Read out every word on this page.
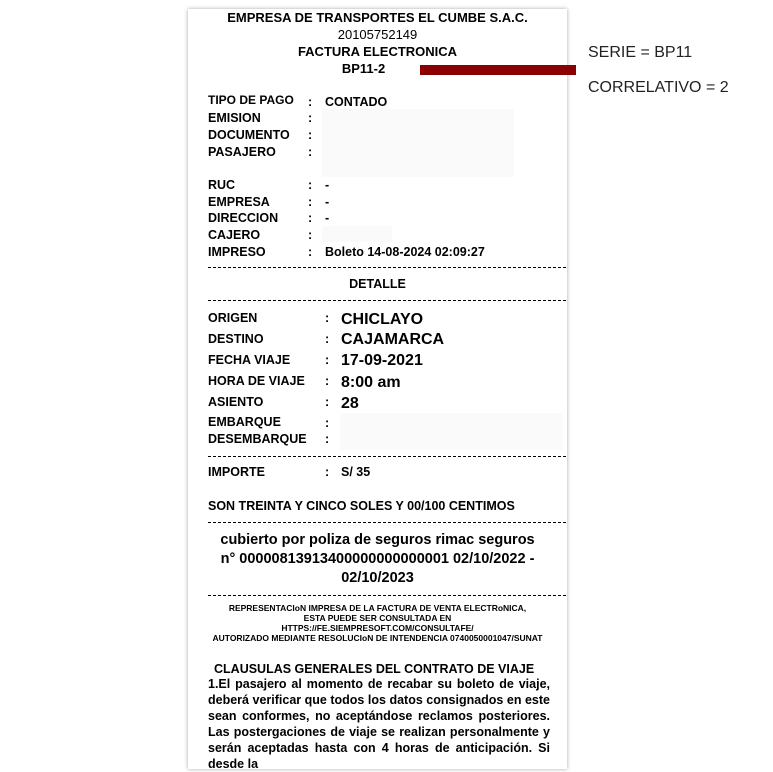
EMPRESA DE TRANSPORTES EL CUMBE S.A.C.
20105752149
FACTURA ELECTRONICA
BP11-2
TIPO DE PAGO : CONTADO
EMISION	:
DOCUMENTO :
PASAJERO	:
RUC	: -
EMPRESA	: -
DIRECCION : -
CAJERO	:
IMPRESO	: Boleto 14-08-2024 02:09:27
DETALLE
ORIGEN	: CHICLAYO
DESTINO	: CAJAMARCA
FECHA VIAJE	: 17-09-2021
HORA DE VIAJE : 8:00 am
ASIENTO	: 28
EMBARQUE	:
DESEMBARQUE :
IMPORTE	: S/ 35
SON TREINTA Y CINCO SOLES Y 00/100 CENTIMOS
cubierto por poliza de seguros rimac seguros
n° 00000813913400000000000001 02/10/2022 -
02/10/2023
REPRESENTACIoN IMPRESA DE LA FACTURA DE VENTA ELECTRoNICA,
ESTA PUEDE SER CONSULTADA EN
HTTPS://FE.SIEMPRESOFT.COM/CONSULTAFE/
AUTORIZADO MEDIANTE RESOLUCIoN DE INTENDENCIA 0740050001047/SUNAT
CLAUSULAS GENERALES DEL CONTRATO DE VIAJE
1.El pasajero al momento de recabar su boleto de viaje, deberá verificar que todos los datos consignados en este sean conformes, no aceptándose reclamos posteriores. Las postergaciones de viaje se realizan personalmente y serán aceptadas hasta con 4 horas de anticipación. Si desde la
SERIE = BP11
CORRELATIVO = 2
